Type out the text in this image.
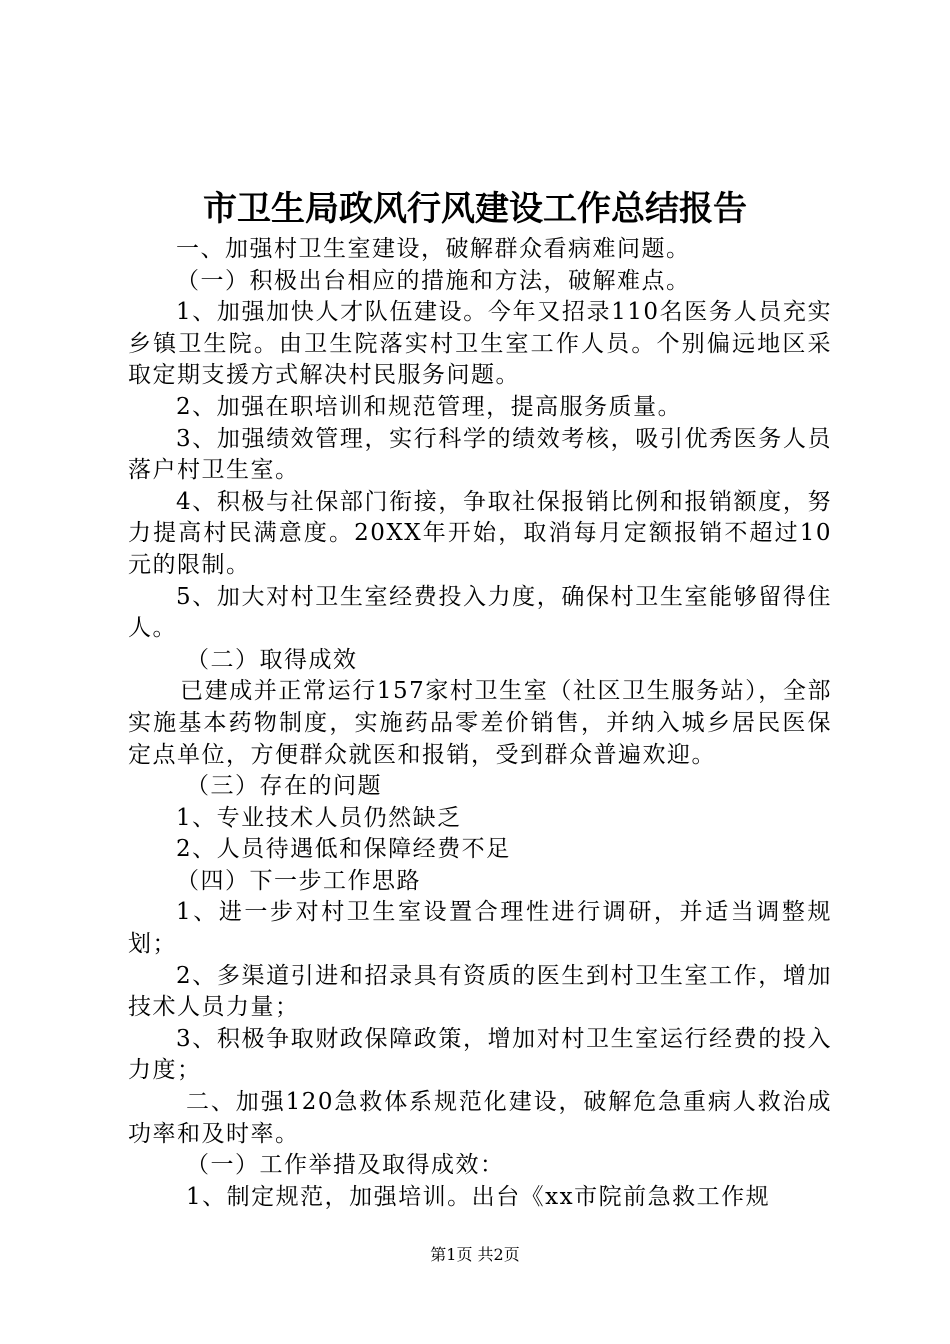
市卫生局政风行风建设工作总结报告

一、加强村卫生室建设，破解群众看病难问题。

（一）积极出台相应的措施和方法，破解难点。

1、加强加快人才队伍建设。今年又招录110名医务人员充实乡镇卫生院。由卫生院落实村卫生室工作人员。个别偏远地区采取定期支援方式解决村民服务问题。

2、加强在职培训和规范管理，提高服务质量。

3、加强绩效管理，实行科学的绩效考核，吸引优秀医务人员落户村卫生室。

4、积极与社保部门衔接，争取社保报销比例和报销额度，努力提高村民满意度。20XX年开始，取消每月定额报销不超过10元的限制。

5、加大对村卫生室经费投入力度，确保村卫生室能够留得住人。

（二）取得成效

已建成并正常运行157家村卫生室（社区卫生服务站），全部实施基本药物制度，实施药品零差价销售，并纳入城乡居民医保定点单位，方便群众就医和报销，受到群众普遍欢迎。

（三）存在的问题

1、专业技术人员仍然缺乏

2、人员待遇低和保障经费不足

（四）下一步工作思路

1、进一步对村卫生室设置合理性进行调研，并适当调整规划；

2、多渠道引进和招录具有资质的医生到村卫生室工作，增加技术人员力量；

3、积极争取财政保障政策，增加对村卫生室运行经费的投入力度；

二、加强120急救体系规范化建设，破解危急重病人救治成功率和及时率。

（一）工作举措及取得成效：

1、制定规范，加强培训。出台《xx市院前急救工作规

第1页 共2页
